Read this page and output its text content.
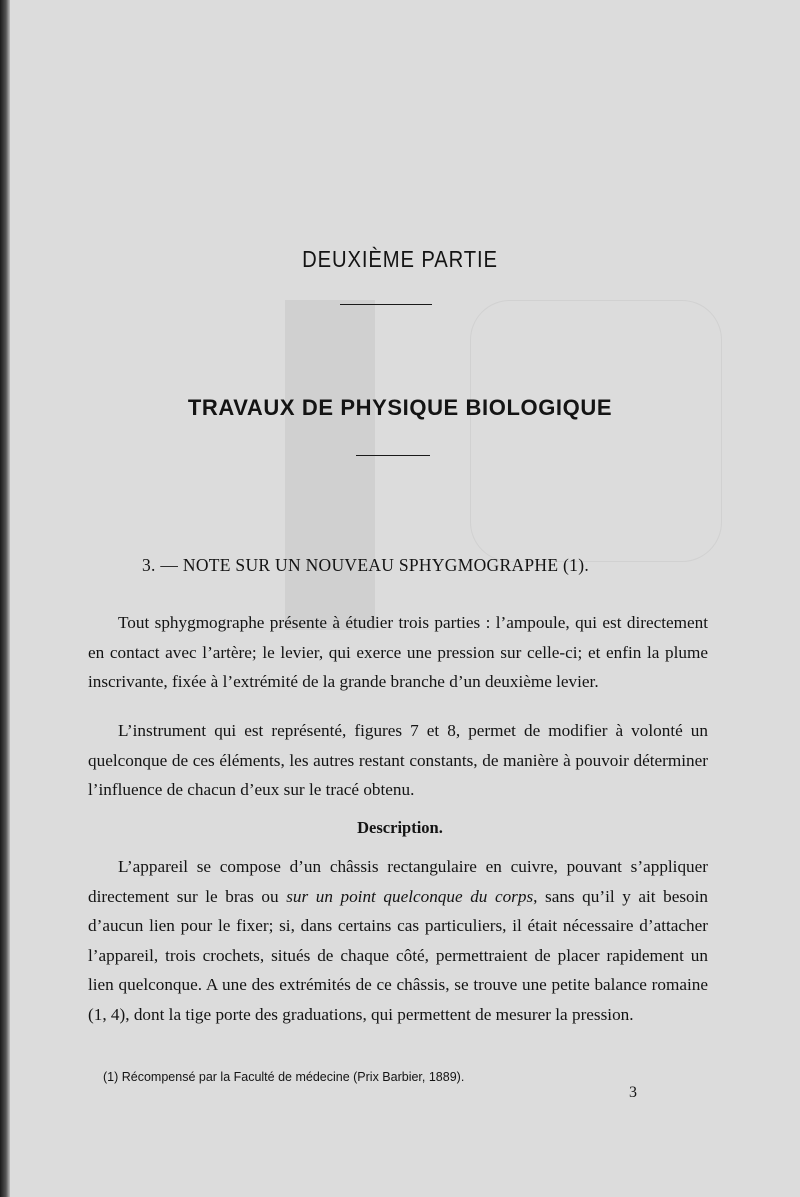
DEUXIÈME PARTIE
TRAVAUX DE PHYSIQUE BIOLOGIQUE
3. — NOTE SUR UN NOUVEAU SPHYGMOGRAPHE (1).
Tout sphygmographe présente à étudier trois parties : l’ampoule, qui est directement en contact avec l’artère; le levier, qui exerce une pression sur celle-ci; et enfin la plume inscrivante, fixée à l’extrémité de la grande branche d’un deuxième levier.
L’instrument qui est représenté, figures 7 et 8, permet de modifier à volonté un quelconque de ces éléments, les autres restant constants, de manière à pouvoir déterminer l’influence de chacun d’eux sur le tracé obtenu.
Description.
L’appareil se compose d’un châssis rectangulaire en cuivre, pouvant s’appliquer directement sur le bras ou sur un point quelconque du corps, sans qu’il y ait besoin d’aucun lien pour le fixer; si, dans certains cas particuliers, il était nécessaire d’attacher l’appareil, trois crochets, situés de chaque côté, permettraient de placer rapidement un lien quelconque. A une des extrémités de ce châssis, se trouve une petite balance romaine (1, 4), dont la tige porte des graduations, qui permettent de mesurer la pression.
(1) Récompensé par la Faculté de médecine (Prix Barbier, 1889).
3
